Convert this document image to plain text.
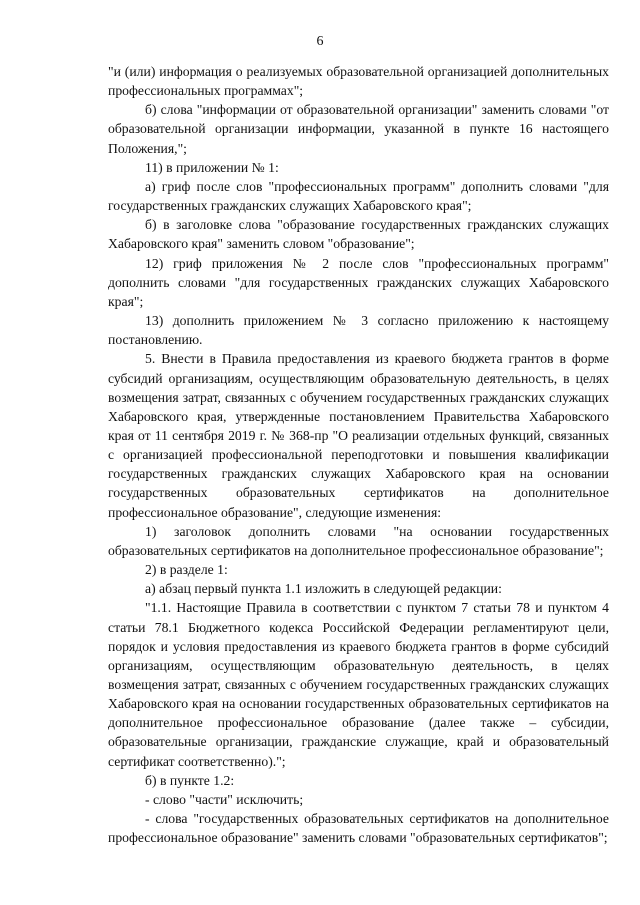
6

"и (или) информация о реализуемых образовательной организацией дополнительных профессиональных программах";

б) слова "информации от образовательной организации" заменить словами "от образовательной организации информации, указанной в пункте 16 настоящего Положения,";

11) в приложении № 1:

а) гриф после слов "профессиональных программ" дополнить словами "для государственных гражданских служащих Хабаровского края";

б) в заголовке слова "образование государственных гражданских служащих Хабаровского края" заменить словом "образование";

12) гриф приложения № 2 после слов "профессиональных программ" дополнить словами "для государственных гражданских служащих Хабаровского края";

13) дополнить приложением № 3 согласно приложению к настоящему постановлению.

5. Внести в Правила предоставления из краевого бюджета грантов в форме субсидий организациям, осуществляющим образовательную деятельность, в целях возмещения затрат, связанных с обучением государственных гражданских служащих Хабаровского края, утвержденные постановлением Правительства Хабаровского края от 11 сентября 2019 г. № 368-пр "О реализации отдельных функций, связанных с организацией профессиональной переподготовки и повышения квалификации государственных гражданских служащих Хабаровского края на основании государственных образовательных сертификатов на дополнительное профессиональное образование", следующие изменения:

1) заголовок дополнить словами "на основании государственных образовательных сертификатов на дополнительное профессиональное образование";

2) в разделе 1:

а) абзац первый пункта 1.1 изложить в следующей редакции:

"1.1. Настоящие Правила в соответствии с пунктом 7 статьи 78 и пунктом 4 статьи 78.1 Бюджетного кодекса Российской Федерации регламентируют цели, порядок и условия предоставления из краевого бюджета грантов в форме субсидий организациям, осуществляющим образовательную деятельность, в целях возмещения затрат, связанных с обучением государственных гражданских служащих Хабаровского края на основании государственных образовательных сертификатов на дополнительное профессиональное образование (далее также – субсидии, образовательные организации, гражданские служащие, край и образовательный сертификат соответственно).";

б) в пункте 1.2:

- слово "части" исключить;

- слова "государственных образовательных сертификатов на дополнительное профессиональное образование" заменить словами "образовательных сертификатов";
